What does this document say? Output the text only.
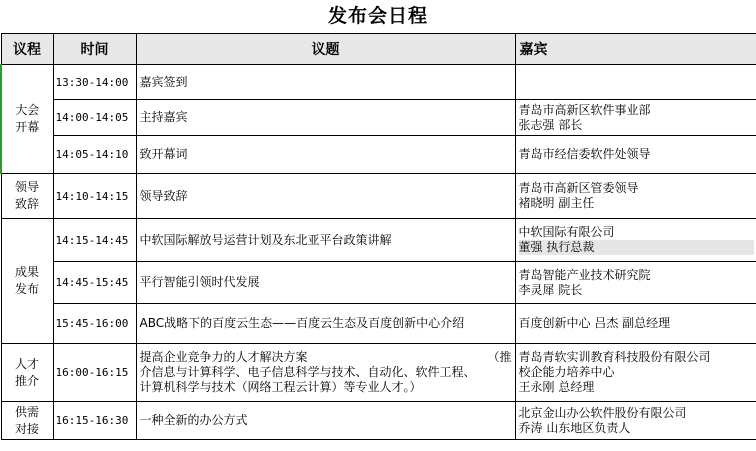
发布会日程
议程	时间	议题	嘉宾

大会
开幕	13:30-14:00	嘉宾签到	
	14:00-14:05	主持嘉宾	青岛市高新区软件事业部
张志强 部长

	14:05-14:10	致开幕词	青岛市经信委软件处领导

领导
致辞	14:10-14:15	领导致辞	青岛市高新区管委领导
褚晓明 副主任

成果
发布	14:15-14:45	中软国际解放号运营计划及东北亚平台政策讲解	中软国际有限公司
董强 执行总裁

	14:45-15:45	平行智能引领时代发展	青岛智能产业技术研究院
李灵犀 院长

	15:45-16:00	ABC战略下的百度云生态——百度云生态及百度创新中心介绍	百度创新中心 吕杰 副总经理

人才
推介	16:00-16:15	提高企业竞争力的人才解决方案 （推
介信息与计算科学、电子信息科学与技术、自动化、软件工程、
计算机科学与技术（网络工程云计算）等专业人才。）	青岛青软实训教育科技股份有限公司
校企能力培养中心
王永刚 总经理

供需
对接	16:15-16:30	一种全新的办公方式	北京金山办公软件股份有限公司
乔涛 山东地区负责人
